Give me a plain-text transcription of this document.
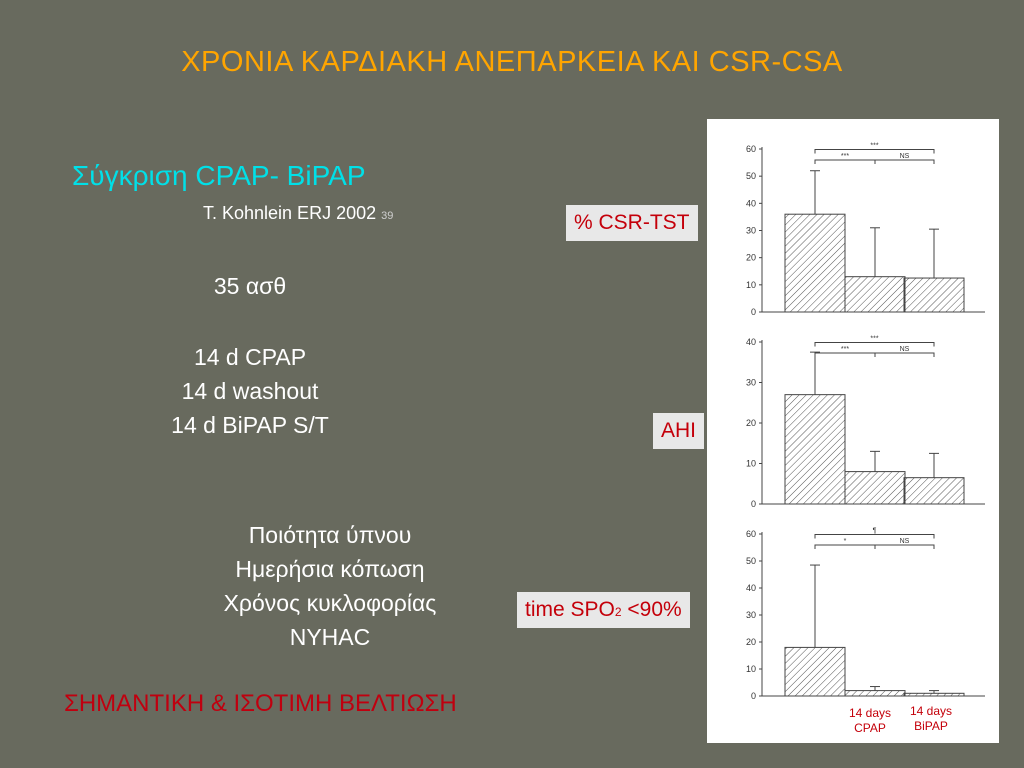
ΧΡΟΝΙΑ ΚΑΡΔΙΑΚΗ ΑΝΕΠΑΡΚΕΙΑ ΚΑΙ CSR-CSA
Σύγκριση CPAP- BiPAP
T. Kohnlein ERJ 2002 39
35 ασθ
14 d CPAP
14 d washout
14 d BiPAP S/T
Ποιότητα ύπνου
Ημερήσια κόπωση
Χρόνος κυκλοφορίας
NYHAC
ΣΗΜΑΝΤΙΚΗ & ΙΣΟΤΙΜΗ ΒΕΛΤΙΩΣΗ
0
10
20
30
40
50
60
***	NS
***
0
10
20
30
40
***	NS
***
0
10
20
30
40
50
60
*	NS
¶
% CSR-TST
AHI
time SPO2 <90%
14 days CPAP
14 days BiPAP
